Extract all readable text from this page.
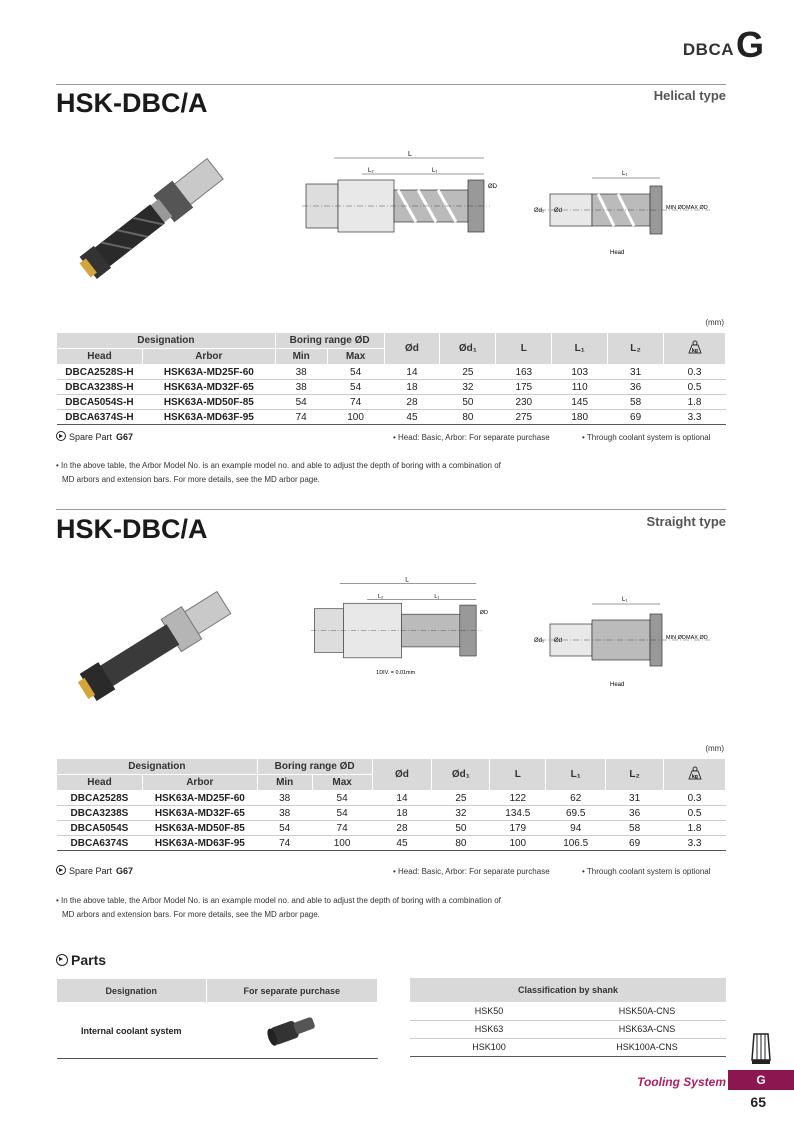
DBCA G
HSK-DBC/A	Helical type
L
L₂	L₁
ØD
L₁
Ød₁ Ød	MIN ØD MAX ØD
Head
(mm)
Designation		Boring range ØD		Ød	Ød₁	L	L₁	L₂	kg

Head	Arbor	Min	Max						
DBCA2528S-H	HSK63A-MD25F-60	38	54	14	25	163	103	31	0.3
DBCA3238S-H	HSK63A-MD32F-65	38	54	18	32	175	110	36	0.5
DBCA5054S-H	HSK63A-MD50F-85	54	74	28	50	230	145	58	1.8
DBCA6374S-H	HSK63A-MD63F-95	74	100	45	80	275	180	69	3.3
Spare Part G67	• Head: Basic, Arbor: For separate purchase	• Through coolant system is optional
• In the above table, the Arbor Model No. is an example model no. and able to adjust the depth of boring with a combination of
MD arbors and extension bars. For more details, see the MD arbor page.
HSK-DBC/A	Straight type
L
L₂	L₁
ØD
1DIV. = 0.01mm
L₁
Ød₁ Ød	MIN ØD MAX ØD
Head
(mm)
Designation		Boring range ØD		Ød	Ød₁	L	L₁	L₂	kg

Head	Arbor	Min	Max						
DBCA2528S	HSK63A-MD25F-60	38	54	14	25	122	62	31	0.3
DBCA3238S	HSK63A-MD32F-65	38	54	18	32	134.5	69.5	36	0.5
DBCA5054S	HSK63A-MD50F-85	54	74	28	50	179	94	58	1.8
DBCA6374S	HSK63A-MD63F-95	74	100	45	80	100	106.5	69	3.3
Spare Part G67	• Head: Basic, Arbor: For separate purchase	• Through coolant system is optional
• In the above table, the Arbor Model No. is an example model no. and able to adjust the depth of boring with a combination of
MD arbors and extension bars. For more details, see the MD arbor page.
Parts
Designation	For separate purchase
Internal coolant system	
Classification by shank	
HSK50	HSK50A-CNS
HSK63	HSK63A-CNS
HSK100	HSK100A-CNS
Tooling System	G
65
